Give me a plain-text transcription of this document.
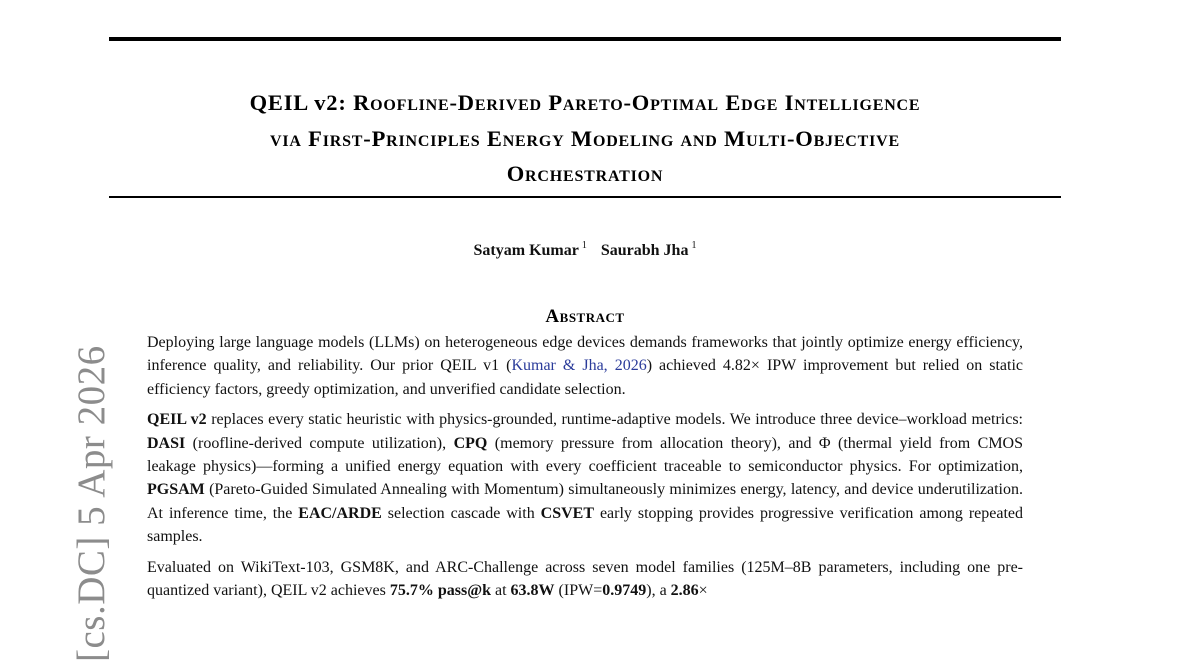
QEIL v2: Roofline-Derived Pareto-Optimal Edge Intelligence
via First-Principles Energy Modeling and Multi-Objective
Orchestration
Satyam Kumar $^1$ Saurabh Jha $^1$
Abstract

Deploying large language models (LLMs) on heterogeneous edge devices demands frameworks that jointly optimize energy efficiency, inference quality, and reliability. Our prior QEIL v1 (Kumar & Jha, 2026) achieved 4.82× IPW improvement but relied on static efficiency factors, greedy optimization, and unverified candidate selection.

QEIL v2 replaces every static heuristic with physics-grounded, runtime-adaptive models. We introduce three device–workload metrics: DASI (roofline-derived compute utilization), CPQ (memory pressure from allocation theory), and Φ (thermal yield from CMOS leakage physics)—forming a unified energy equation with every coefficient traceable to semiconductor physics. For optimization, PGSAM (Pareto-Guided Simulated Annealing with Momentum) simultaneously minimizes energy, latency, and device underutilization. At inference time, the EAC/ARDE selection cascade with CSVET early stopping provides progressive verification among repeated samples.

Evaluated on WikiText-103, GSM8K, and ARC-Challenge across seven model families (125M–8B parameters, including one pre-quantized variant), QEIL v2 achieves 75.7% pass@k at 63.8W (IPW=0.9749), a 2.86×

[cs.DC] 5 Apr 2026
